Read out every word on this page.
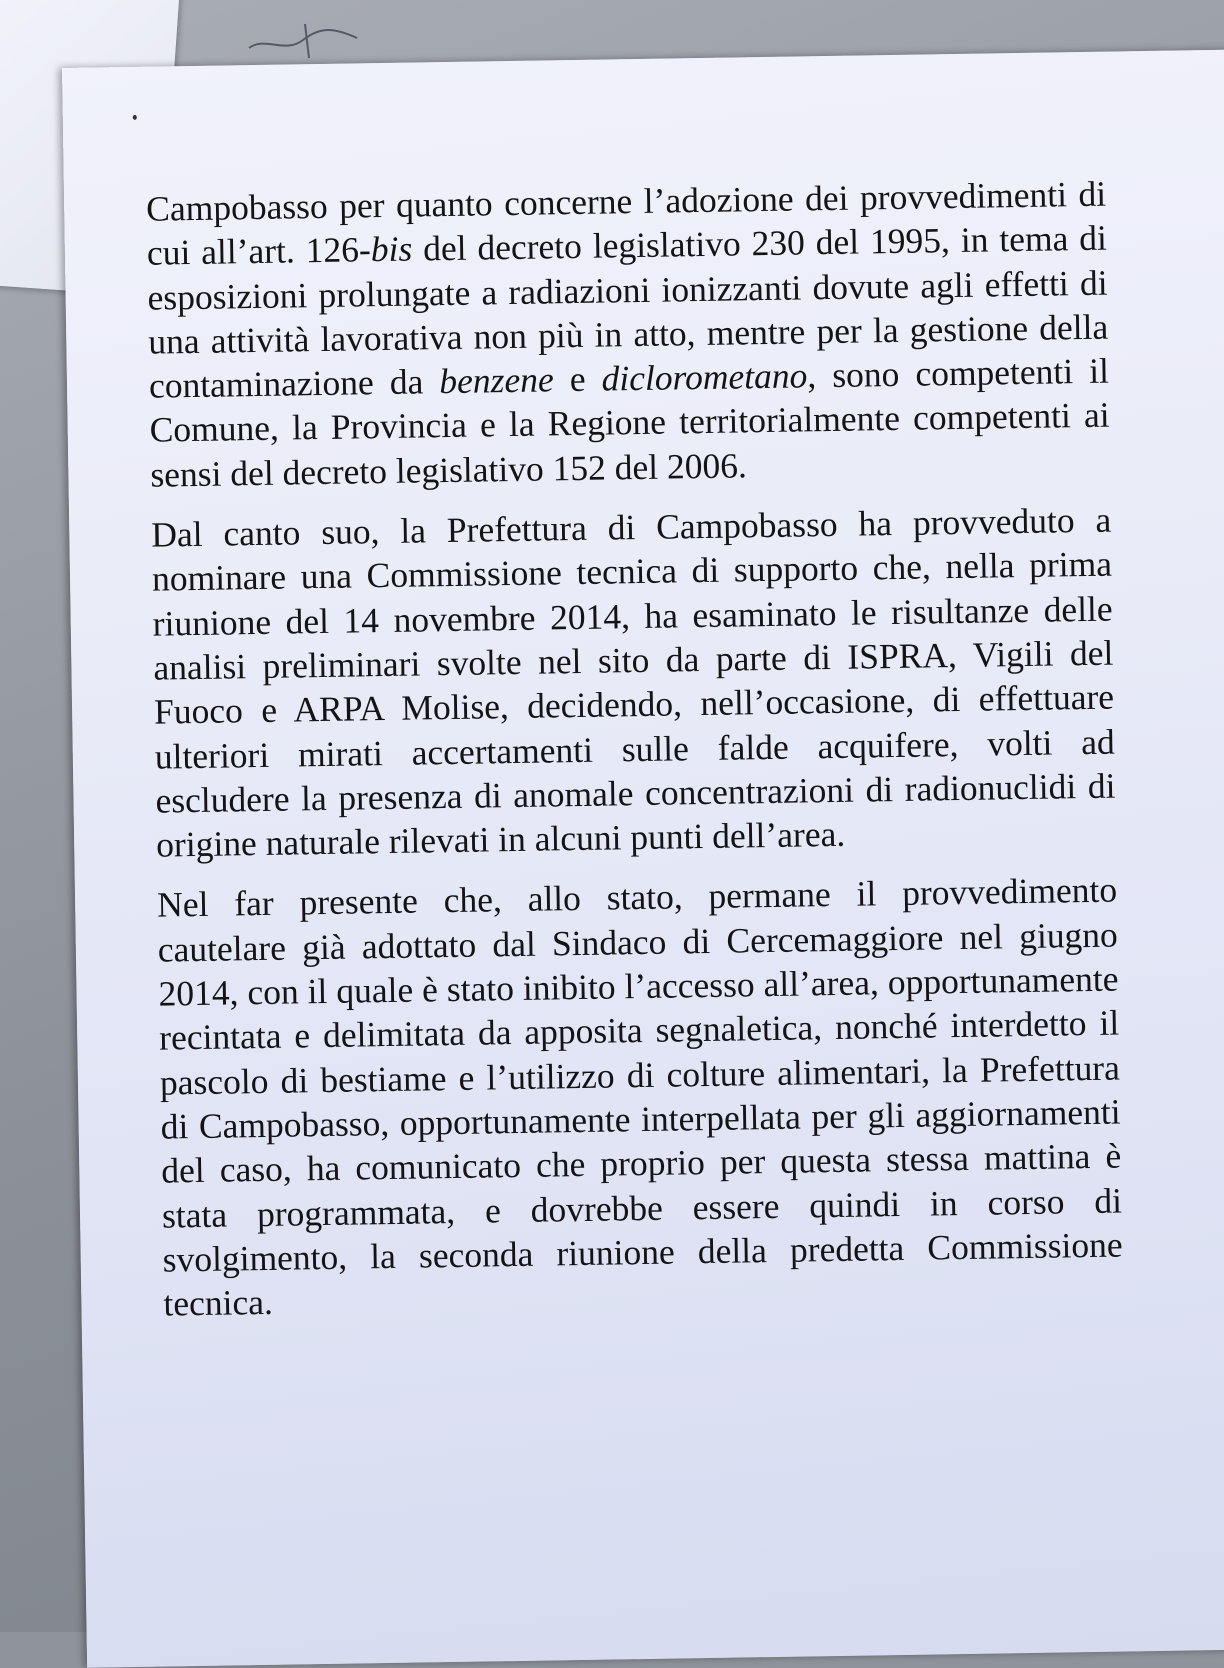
Campobasso per quanto concerne l’adozione dei provvedimenti di cui all’art. 126-bis del decreto legislativo 230 del 1995, in tema di esposizioni prolungate a radiazioni ionizzanti dovute agli effetti di una attività lavorativa non più in atto, mentre per la gestione della contaminazione da benzene e diclorometano, sono competenti il Comune, la Provincia e la Regione territorialmente competenti ai sensi del decreto legislativo 152 del 2006.

Dal canto suo, la Prefettura di Campobasso ha provveduto a nominare una Commissione tecnica di supporto che, nella prima riunione del 14 novembre 2014, ha esaminato le risultanze delle analisi preliminari svolte nel sito da parte di ISPRA, Vigili del Fuoco e ARPA Molise, decidendo, nell’occasione, di effettuare ulteriori mirati accertamenti sulle falde acquifere, volti ad escludere la presenza di anomale concentrazioni di radionuclidi di origine naturale rilevati in alcuni punti dell’area.

Nel far presente che, allo stato, permane il provvedimento cautelare già adottato dal Sindaco di Cercemaggiore nel giugno 2014, con il quale è stato inibito l’accesso all’area, opportunamente recintata e delimitata da apposita segnaletica, nonché interdetto il pascolo di bestiame e l’utilizzo di colture alimentari, la Prefettura di Campobasso, opportunamente interpellata per gli aggiornamenti del caso, ha comunicato che proprio per questa stessa mattina è stata programmata, e dovrebbe essere quindi in corso di svolgimento, la seconda riunione della predetta Commissione tecnica.
